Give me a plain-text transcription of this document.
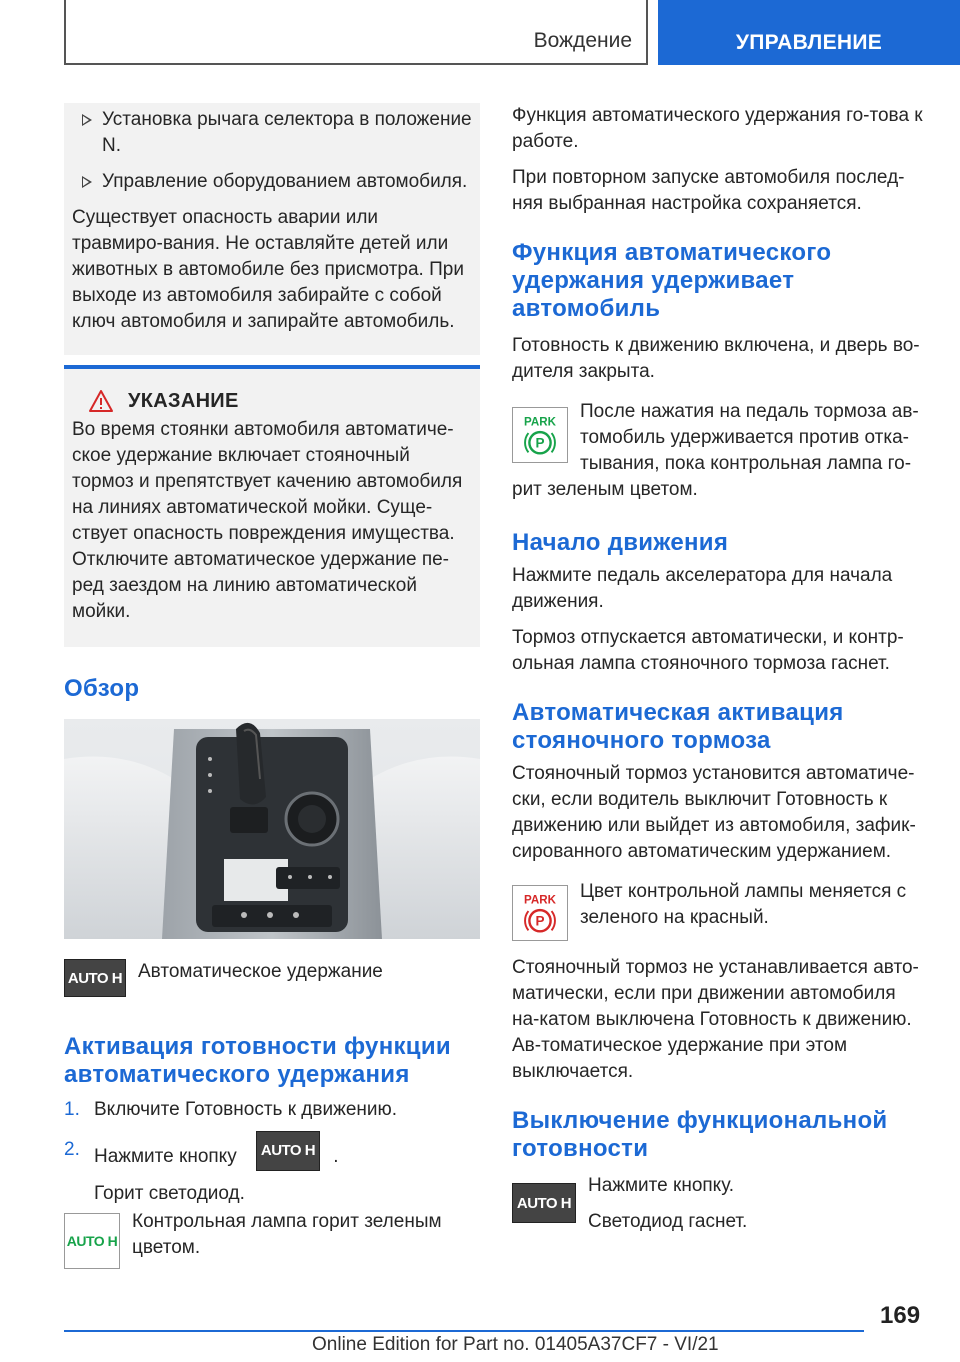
Вождение	УПРАВЛЕНИЕ

Установка рычага селектора в положение N.

Управление оборудованием автомобиля.

Существует опасность аварии или травмиро-вания. Не оставляйте детей или животных в автомобиле без присмотра. При выходе из автомобиля забирайте с собой ключ автомобиля и запирайте автомобиль.

УКАЗАНИЕ

Во время стоянки автомобиля автоматиче-ское удержание включает стояночный тормоз и препятствует качению автомобиля на линиях автоматической мойки. Суще-ствует опасность повреждения имущества. Отключите автоматическое удержание пе-ред заездом на линию автоматической мойки.

Обзор
AUTO H Автоматическое удержание

Активация готовности функции автоматического удержания
1. Включите Готовность к движению.
2. Нажмите кнопку AUTO H .

Горит светодиод.

AUTO H

Контрольная лампа горит зеленым цветом.

Функция автоматического удержания го-това к работе.

При повторном запуске автомобиля послед-няя выбранная настройка сохраняется.

Функция автоматического удержания удерживает автомобиль

Готовность к движению включена, и дверь во-дителя закрыта.

PARK
P

После нажатия на педаль тормоза ав-томобиль удерживается против отка-тывания, пока контрольная лампа го-

рит зеленым цветом.

Начало движения

Нажмите педаль акселератора для начала движения.

Тормоз отпускается автоматически, и контр-ольная лампа стояночного тормоза гаснет.

Автоматическая активация стояночного тормоза

Стояночный тормоз установится автоматиче-ски, если водитель выключит Готовность к движению или выйдет из автомобиля, зафик-сированного автоматическим удержанием.

PARK
P

Цвет контрольной лампы меняется с зеленого на красный.

Стояночный тормоз не устанавливается авто-матически, если при движении автомобиля на-катом выключена Готовность к движению. Ав-томатическое удержание при этом выключается.

Выключение функциональной готовности
AUTO H

Нажмите кнопку.

Светодиод гаснет.

169
Online Edition for Part no. 01405A37CF7 - VI/21
